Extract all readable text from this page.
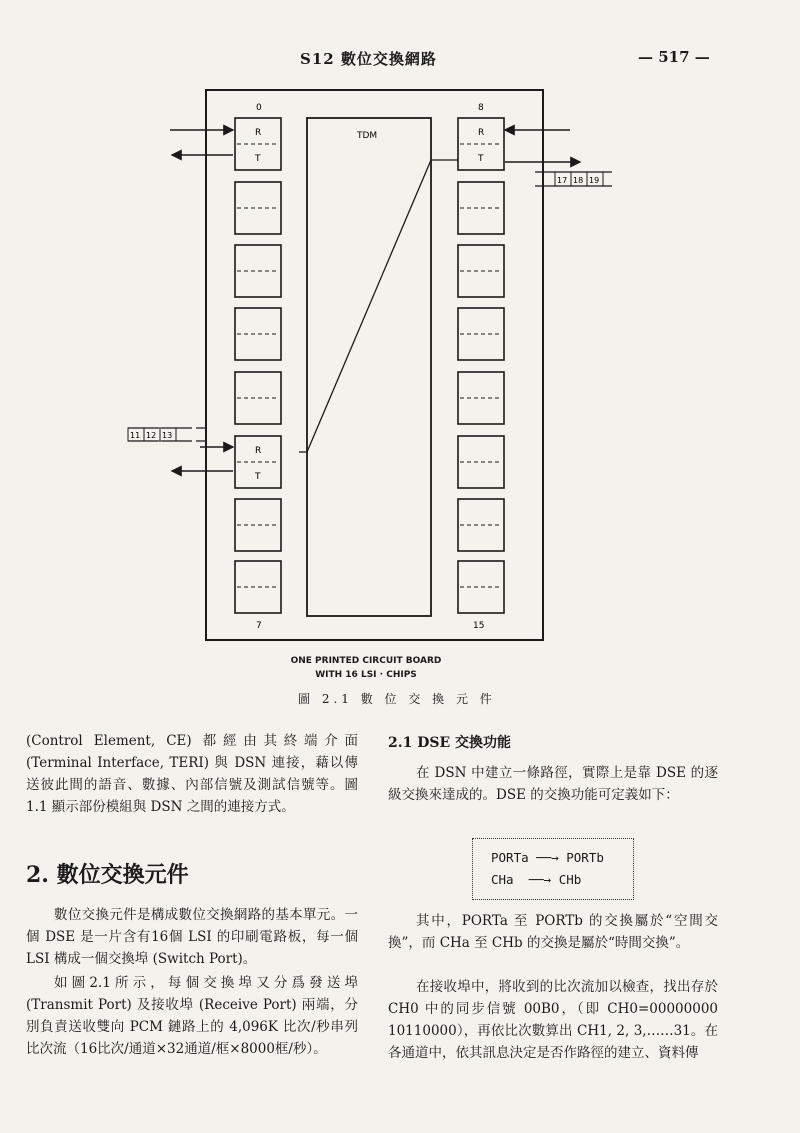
S12 數位交換網路	— 517 —
TDM
0	8
7	15
R
T
R
T
R
T
17 18 19
11 12 13
ONE PRINTED CIRCUIT BOARD
WITH 16 LSI · CHIPS
圖 2.1 數 位 交 換 元 件
(Control Element, CE) 都經由其終端介面 (Terminal Interface, TERI) 與 DSN 連接，藉以傳送彼此間的語音、數據、內部信號及測試信號等。圖 1.1 顯示部份模組與 DSN 之間的連接方式。
2. 數位交換元件
數位交換元件是構成數位交換網路的基本單元。一個 DSE 是一片含有16個 LSI 的印刷電路板，每一個 LSI 構成一個交換埠 (Switch Port)。
如圖2.1所示，每個交換埠又分爲發送埠 (Transmit Port) 及接收埠 (Receive Port) 兩端，分別負責送收雙向 PCM 鏈路上的 4,096K 比次/秒串列比次流（16比次/通道×32通道/框×8000框/秒）。
2.1 DSE 交換功能
在 DSN 中建立一條路徑，實際上是靠 DSE 的逐級交換來達成的。DSE 的交換功能可定義如下：
PORTa ──→ PORTb
CHa  ──→ CHb
其中，PORTa 至 PORTb 的交換屬於“空間交換”，而 CHa 至 CHb 的交換是屬於“時間交換”。
在接收埠中，將收到的比次流加以檢查，找出存於 CH0 中的同步信號 00B0，（即 CH0=00000000 10110000），再依比次數算出 CH1, 2, 3,……31。在各通道中，依其訊息決定是否作路徑的建立、資料傳
